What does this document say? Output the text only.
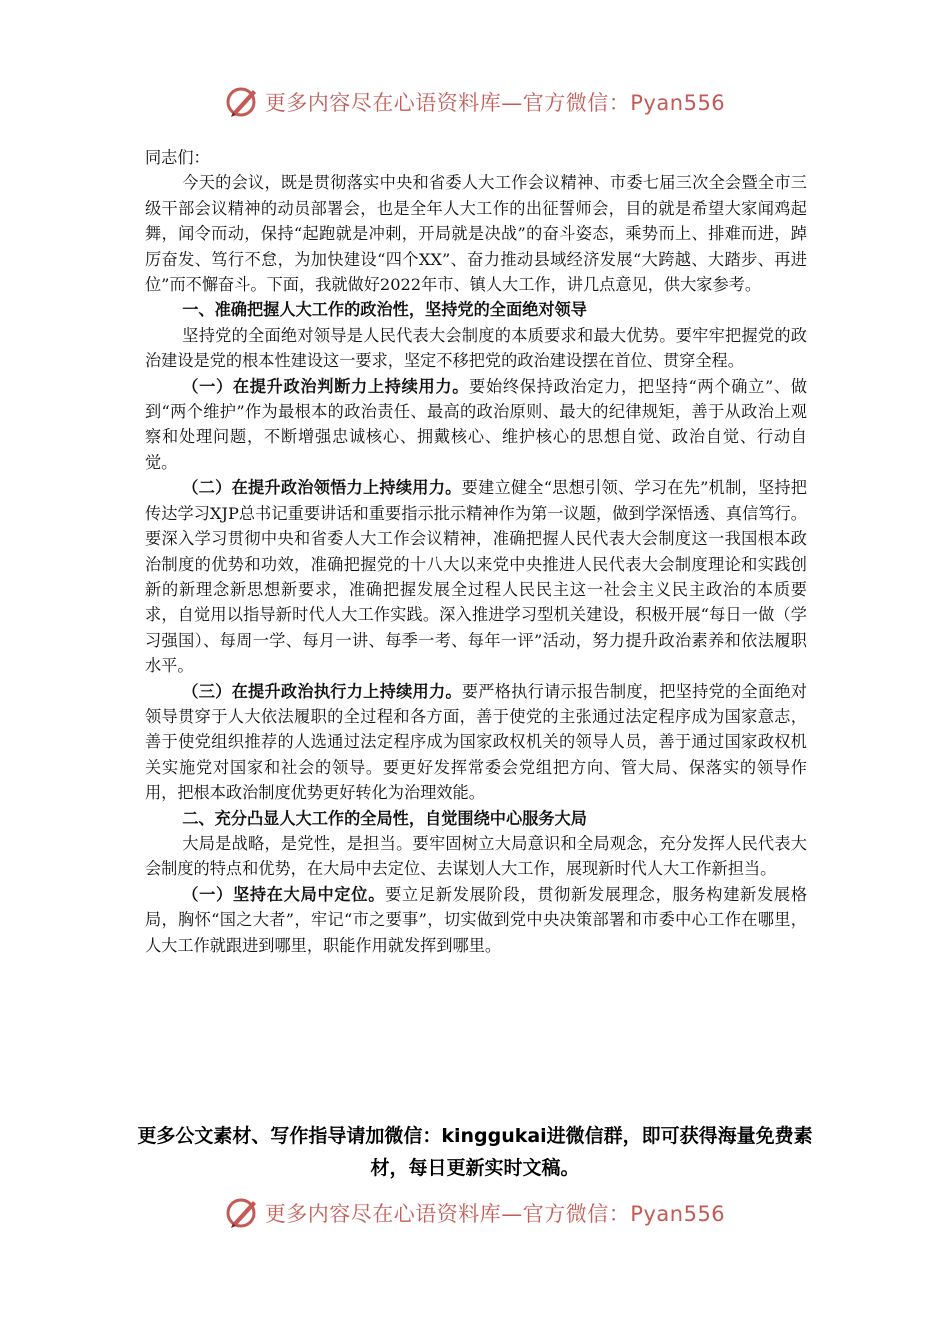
更多内容尽在心语资料库—官方微信：Pyan556

同志们：

今天的会议，既是贯彻落实中央和省委人大工作会议精神、市委七届三次全会暨全市三级干部会议精神的动员部署会，也是全年人大工作的出征誓师会，目的就是希望大家闻鸡起舞，闻令而动，保持“起跑就是冲刺，开局就是决战”的奋斗姿态，乘势而上、排难而进，踔厉奋发、笃行不怠，为加快建设“四个XX”、奋力推动县域经济发展“大跨越、大踏步、再进位”而不懈奋斗。下面，我就做好2022年市、镇人大工作，讲几点意见，供大家参考。

一、准确把握人大工作的政治性，坚持党的全面绝对领导

坚持党的全面绝对领导是人民代表大会制度的本质要求和最大优势。要牢牢把握党的政治建设是党的根本性建设这一要求，坚定不移把党的政治建设摆在首位、贯穿全程。

（一）在提升政治判断力上持续用力。要始终保持政治定力，把坚持“两个确立”、做到“两个维护”作为最根本的政治责任、最高的政治原则、最大的纪律规矩，善于从政治上观察和处理问题，不断增强忠诚核心、拥戴核心、维护核心的思想自觉、政治自觉、行动自觉。

（二）在提升政治领悟力上持续用力。要建立健全“思想引领、学习在先”机制，坚持把传达学习XJP总书记重要讲话和重要指示批示精神作为第一议题，做到学深悟透、真信笃行。要深入学习贯彻中央和省委人大工作会议精神，准确把握人民代表大会制度这一我国根本政治制度的优势和功效，准确把握党的十八大以来党中央推进人民代表大会制度理论和实践创新的新理念新思想新要求，准确把握发展全过程人民民主这一社会主义民主政治的本质要求，自觉用以指导新时代人大工作实践。深入推进学习型机关建设，积极开展“每日一做（学习强国）、每周一学、每月一讲、每季一考、每年一评”活动，努力提升政治素养和依法履职水平。

（三）在提升政治执行力上持续用力。要严格执行请示报告制度，把坚持党的全面绝对领导贯穿于人大依法履职的全过程和各方面，善于使党的主张通过法定程序成为国家意志，善于使党组织推荐的人选通过法定程序成为国家政权机关的领导人员，善于通过国家政权机关实施党对国家和社会的领导。要更好发挥常委会党组把方向、管大局、保落实的领导作用，把根本政治制度优势更好转化为治理效能。

二、充分凸显人大工作的全局性，自觉围绕中心服务大局

大局是战略，是党性，是担当。要牢固树立大局意识和全局观念，充分发挥人民代表大会制度的特点和优势，在大局中去定位、去谋划人大工作，展现新时代人大工作新担当。

（一）坚持在大局中定位。要立足新发展阶段，贯彻新发展理念，服务构建新发展格局，胸怀“国之大者”，牢记“市之要事”，切实做到党中央决策部署和市委中心工作在哪里，人大工作就跟进到哪里，职能作用就发挥到哪里。

更多公文素材、写作指导请加微信：kinggukai进微信群，即可获得海量免费素材，每日更新实时文稿。
更多内容尽在心语资料库—官方微信：Pyan556
